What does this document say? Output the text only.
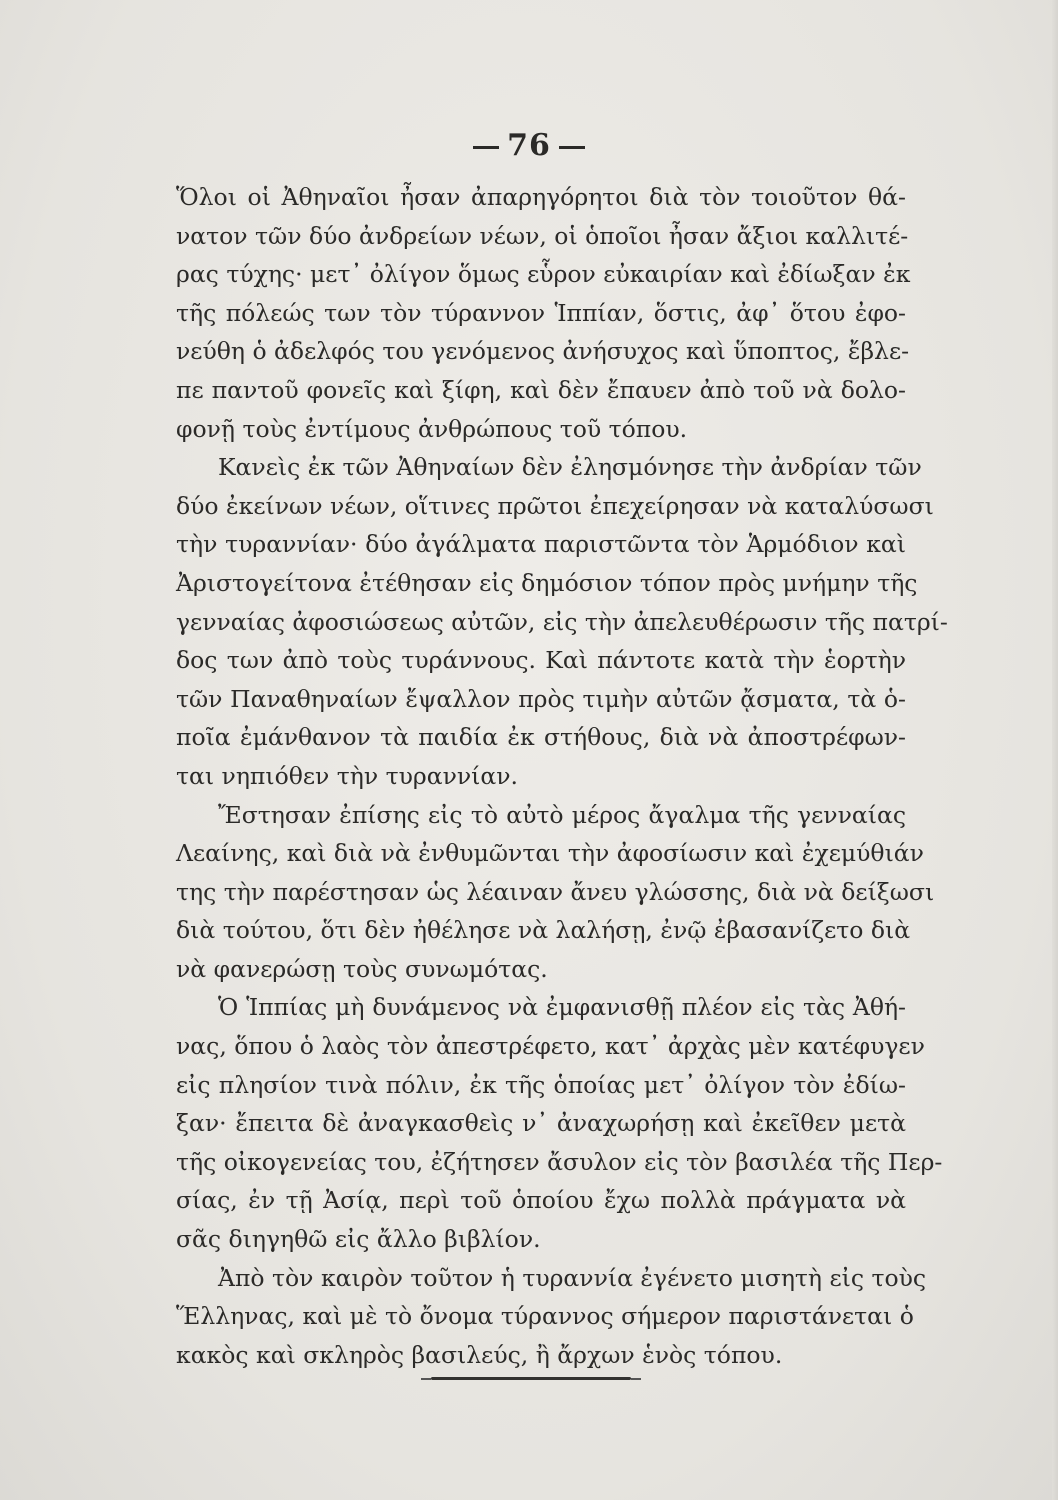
76

Ὅλοι οἱ Ἀθηναῖοι ἦσαν ἀπαρηγόρητοι διὰ τὸν τοιοῦτον θά-
νατον τῶν δύο ἀνδρείων νέων, οἱ ὁποῖοι ἦσαν ἄξιοι καλλιτέ-
ρας τύχης· μετ᾿ ὀλίγον ὅμως εὗρον εὐκαιρίαν καὶ ἐδίωξαν ἐκ
τῆς πόλεώς των τὸν τύραννον Ἱππίαν, ὅστις, ἀφ᾿ ὅτου ἐφο-
νεύθη ὁ ἀδελφός του γενόμενος ἀνήσυχος καὶ ὕποπτος, ἔβλε-
πε παντοῦ φονεῖς καὶ ξίφη, καὶ δὲν ἔπαυεν ἀπὸ τοῦ νὰ δολο-
φονῇ τοὺς ἐντίμους ἀνθρώπους τοῦ τόπου.

Κανεὶς ἐκ τῶν Ἀθηναίων δὲν ἐλησμόνησε τὴν ἀνδρίαν τῶν
δύο ἐκείνων νέων, οἵτινες πρῶτοι ἐπεχείρησαν νὰ καταλύσωσι
τὴν τυραννίαν· δύο ἀγάλματα παριστῶντα τὸν Ἁρμόδιον καὶ
Ἀριστογείτονα ἐτέθησαν εἰς δημόσιον τόπον πρὸς μνήμην τῆς
γενναίας ἀφοσιώσεως αὐτῶν, εἰς τὴν ἀπελευθέρωσιν τῆς πατρί-
δος των ἀπὸ τοὺς τυράννους. Καὶ πάντοτε κατὰ τὴν ἑορτὴν
τῶν Παναθηναίων ἔψαλλον πρὸς τιμὴν αὐτῶν ᾄσματα, τὰ ὁ-
ποῖα ἐμάνθανον τὰ παιδία ἐκ στήθους, διὰ νὰ ἀποστρέφων-
ται νηπιόθεν τὴν τυραννίαν.

Ἔστησαν ἐπίσης εἰς τὸ αὐτὸ μέρος ἄγαλμα τῆς γενναίας
Λεαίνης, καὶ διὰ νὰ ἐνθυμῶνται τὴν ἀφοσίωσιν καὶ ἐχεμύθιάν
της τὴν παρέστησαν ὡς λέαιναν ἄνευ γλώσσης, διὰ νὰ δείξωσι
διὰ τούτου, ὅτι δὲν ἠθέλησε νὰ λαλήσῃ, ἐνῷ ἐβασανίζετο διὰ
νὰ φανερώσῃ τοὺς συνωμότας.

Ὁ Ἱππίας μὴ δυνάμενος νὰ ἐμφανισθῇ πλέον εἰς τὰς Ἀθή-
νας, ὅπου ὁ λαὸς τὸν ἀπεστρέφετο, κατ᾿ ἀρχὰς μὲν κατέφυγεν
εἰς πλησίον τινὰ πόλιν, ἐκ τῆς ὁποίας μετ᾿ ὀλίγον τὸν ἐδίω-
ξαν· ἔπειτα δὲ ἀναγκασθεὶς ν᾿ ἀναχωρήσῃ καὶ ἐκεῖθεν μετὰ
τῆς οἰκογενείας του, ἐζήτησεν ἄσυλον εἰς τὸν βασιλέα τῆς Περ-
σίας, ἐν τῇ Ἀσίᾳ, περὶ τοῦ ὁποίου ἔχω πολλὰ πράγματα νὰ
σᾶς διηγηθῶ εἰς ἄλλο βιβλίον.

Ἀπὸ τὸν καιρὸν τοῦτον ἡ τυραννία ἐγένετο μισητὴ εἰς τοὺς
Ἕλληνας, καὶ μὲ τὸ ὄνομα τύραννος σήμερον παριστάνεται ὁ
κακὸς καὶ σκληρὸς βασιλεύς, ἢ ἄρχων ἑνὸς τόπου.
